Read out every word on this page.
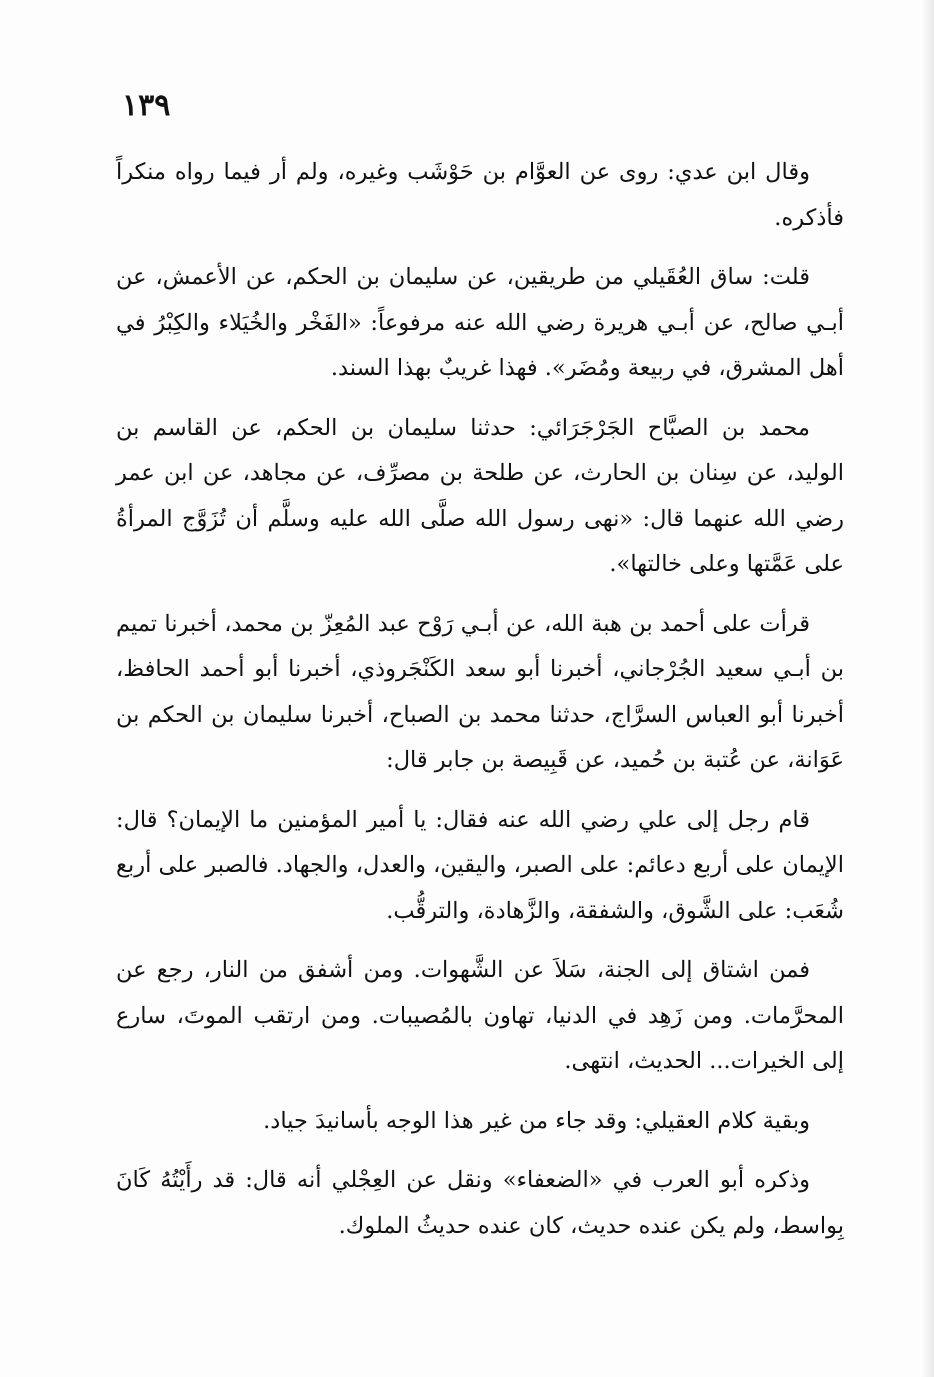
١٣٩

وقال ابن عدي: روى عن العوَّام بن حَوْشَب وغيره، ولم أر فيما رواه منكراً فأذكره.

قلت: ساق العُقَيلي من طريقين، عن سليمان بن الحكم، عن الأعمش، عن أبـي صالح، عن أبـي هريرة رضي الله عنه مرفوعاً: «الفَخْر والخُيَلاء والكِبْرُ في أهل المشرق، في ربيعة ومُضَر». فهذا غريبٌ بهذا السند.

محمد بن الصبَّاح الجَرْجَرَائي: حدثنا سليمان بن الحكم، عن القاسم بن الوليد، عن سِنان بن الحارث، عن طلحة بن مصرِّف، عن مجاهد، عن ابن عمر رضي الله عنهما قال: «نهى رسول الله صلَّى الله عليه وسلَّم أن تُزَوَّج المرأةُ على عَمَّتها وعلى خالتها».

قرأت على أحمد بن هبة الله، عن أبـي رَوْح عبد المُعِزّ بن محمد، أخبرنا تميم بن أبـي سعيد الجُرْجاني، أخبرنا أبو سعد الكَنْجَروذي، أخبرنا أبو أحمد الحافظ، أخبرنا أبو العباس السرَّاج، حدثنا محمد بن الصباح، أخبرنا سليمان بن الحكم بن عَوَانة، عن عُتبة بن حُميد، عن قَبِيصة بن جابر قال:

قام رجل إلى علي رضي الله عنه فقال: يا أمير المؤمنين ما الإيمان؟ قال: الإيمان على أربع دعائم: على الصبر، واليقين، والعدل، والجهاد. فالصبر على أربع شُعَب: على الشَّوق، والشفقة، والزَّهادة، والترقُّب.

فمن اشتاق إلى الجنة، سَلاَ عن الشَّهوات. ومن أشفق من النار، رجع عن المحرَّمات. ومن زَهِد في الدنيا، تهاون بالمُصيبات. ومن ارتقب الموتَ، سارع إلى الخيرات... الحديث، انتهى.

وبقية كلام العقيلي: وقد جاء من غير هذا الوجه بأسانيدَ جياد.

وذكره أبو العرب في «الضعفاء» ونقل عن العِجْلي أنه قال: قد رأَيْتُهُ كَانَ بِواسط، ولم يكن عنده حديث، كان عنده حديثُ الملوك.
